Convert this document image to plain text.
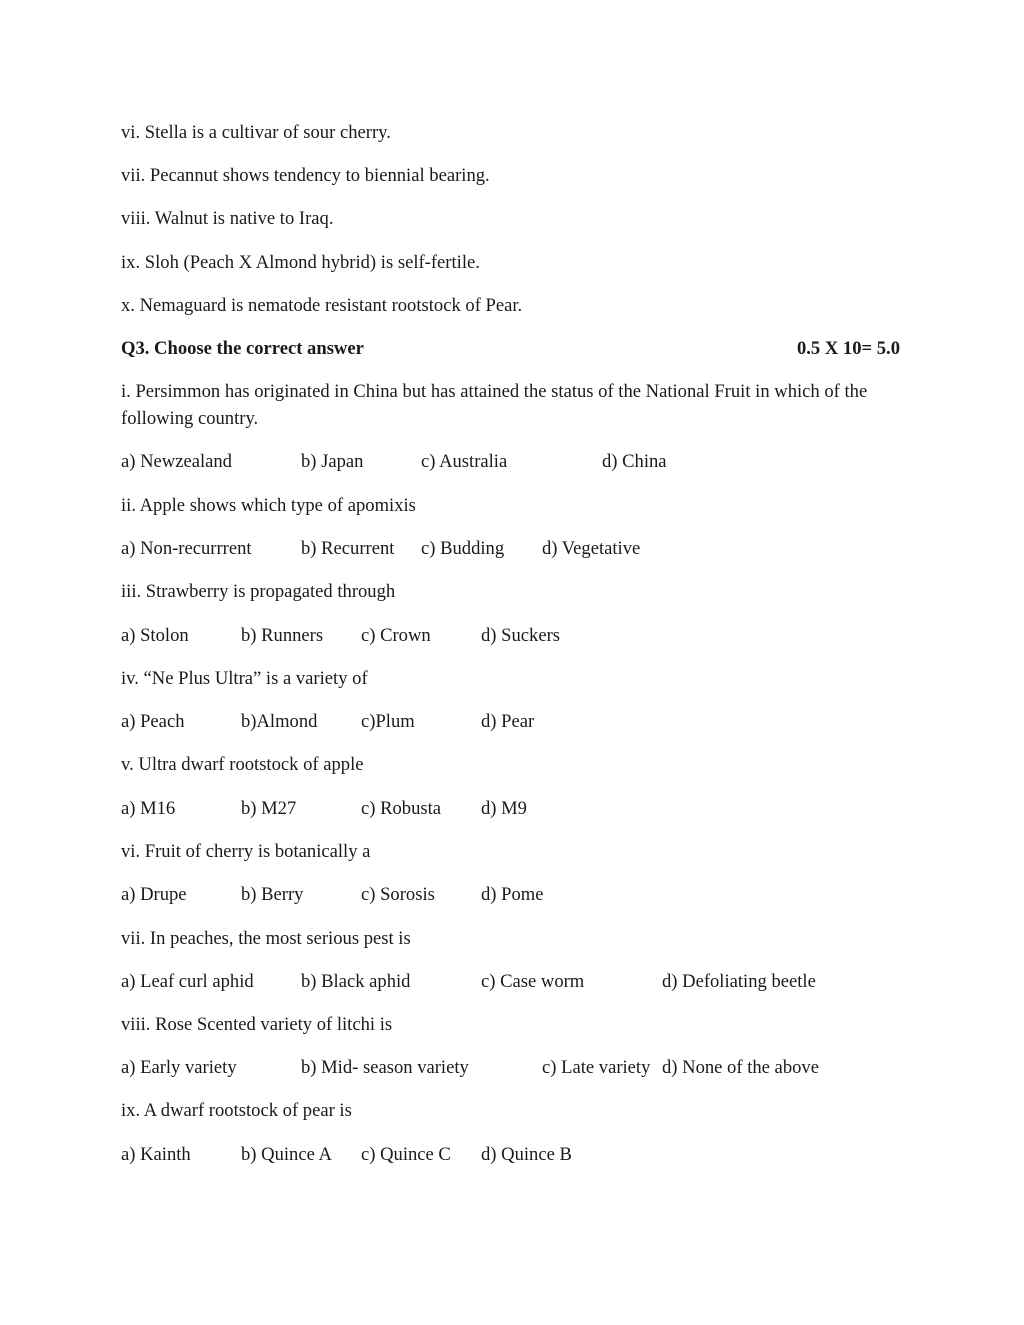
vi. Stella is a cultivar of sour cherry.
vii. Pecannut shows tendency to biennial bearing.
viii. Walnut is native to Iraq.
ix. Sloh (Peach X Almond hybrid) is self-fertile.
x. Nemaguard is nematode resistant rootstock of Pear.
Q3. Choose the correct answer	0.5 X 10= 5.0
i. Persimmon has originated in China but has attained the status of the National Fruit in which of the following country.
a) Newzealand	b) Japan	c) Australia	d) China
ii. Apple shows which type of apomixis
a) Non-recurrrent	b) Recurrent c) Budding d) Vegetative
iii. Strawberry is propagated through
a) Stolon	b) Runners c) Crown	d) Suckers
iv. “Ne Plus Ultra” is a variety of
a) Peach	b)Almond c)Plum	d) Pear
v. Ultra dwarf rootstock of apple
a) M16	b) M27	c) Robusta d) M9
vi. Fruit of cherry is botanically a
a) Drupe	b) Berry	c) Sorosis d) Pome
vii. In peaches, the most serious pest is
a) Leaf curl aphid	b) Black aphid	c) Case worm	d) Defoliating beetle
viii. Rose Scented variety of litchi is
a) Early variety	b) Mid- season variety	c) Late variety d) None of the above
ix. A dwarf rootstock of pear is
a) Kainth	b) Quince A c) Quince C d) Quince B
